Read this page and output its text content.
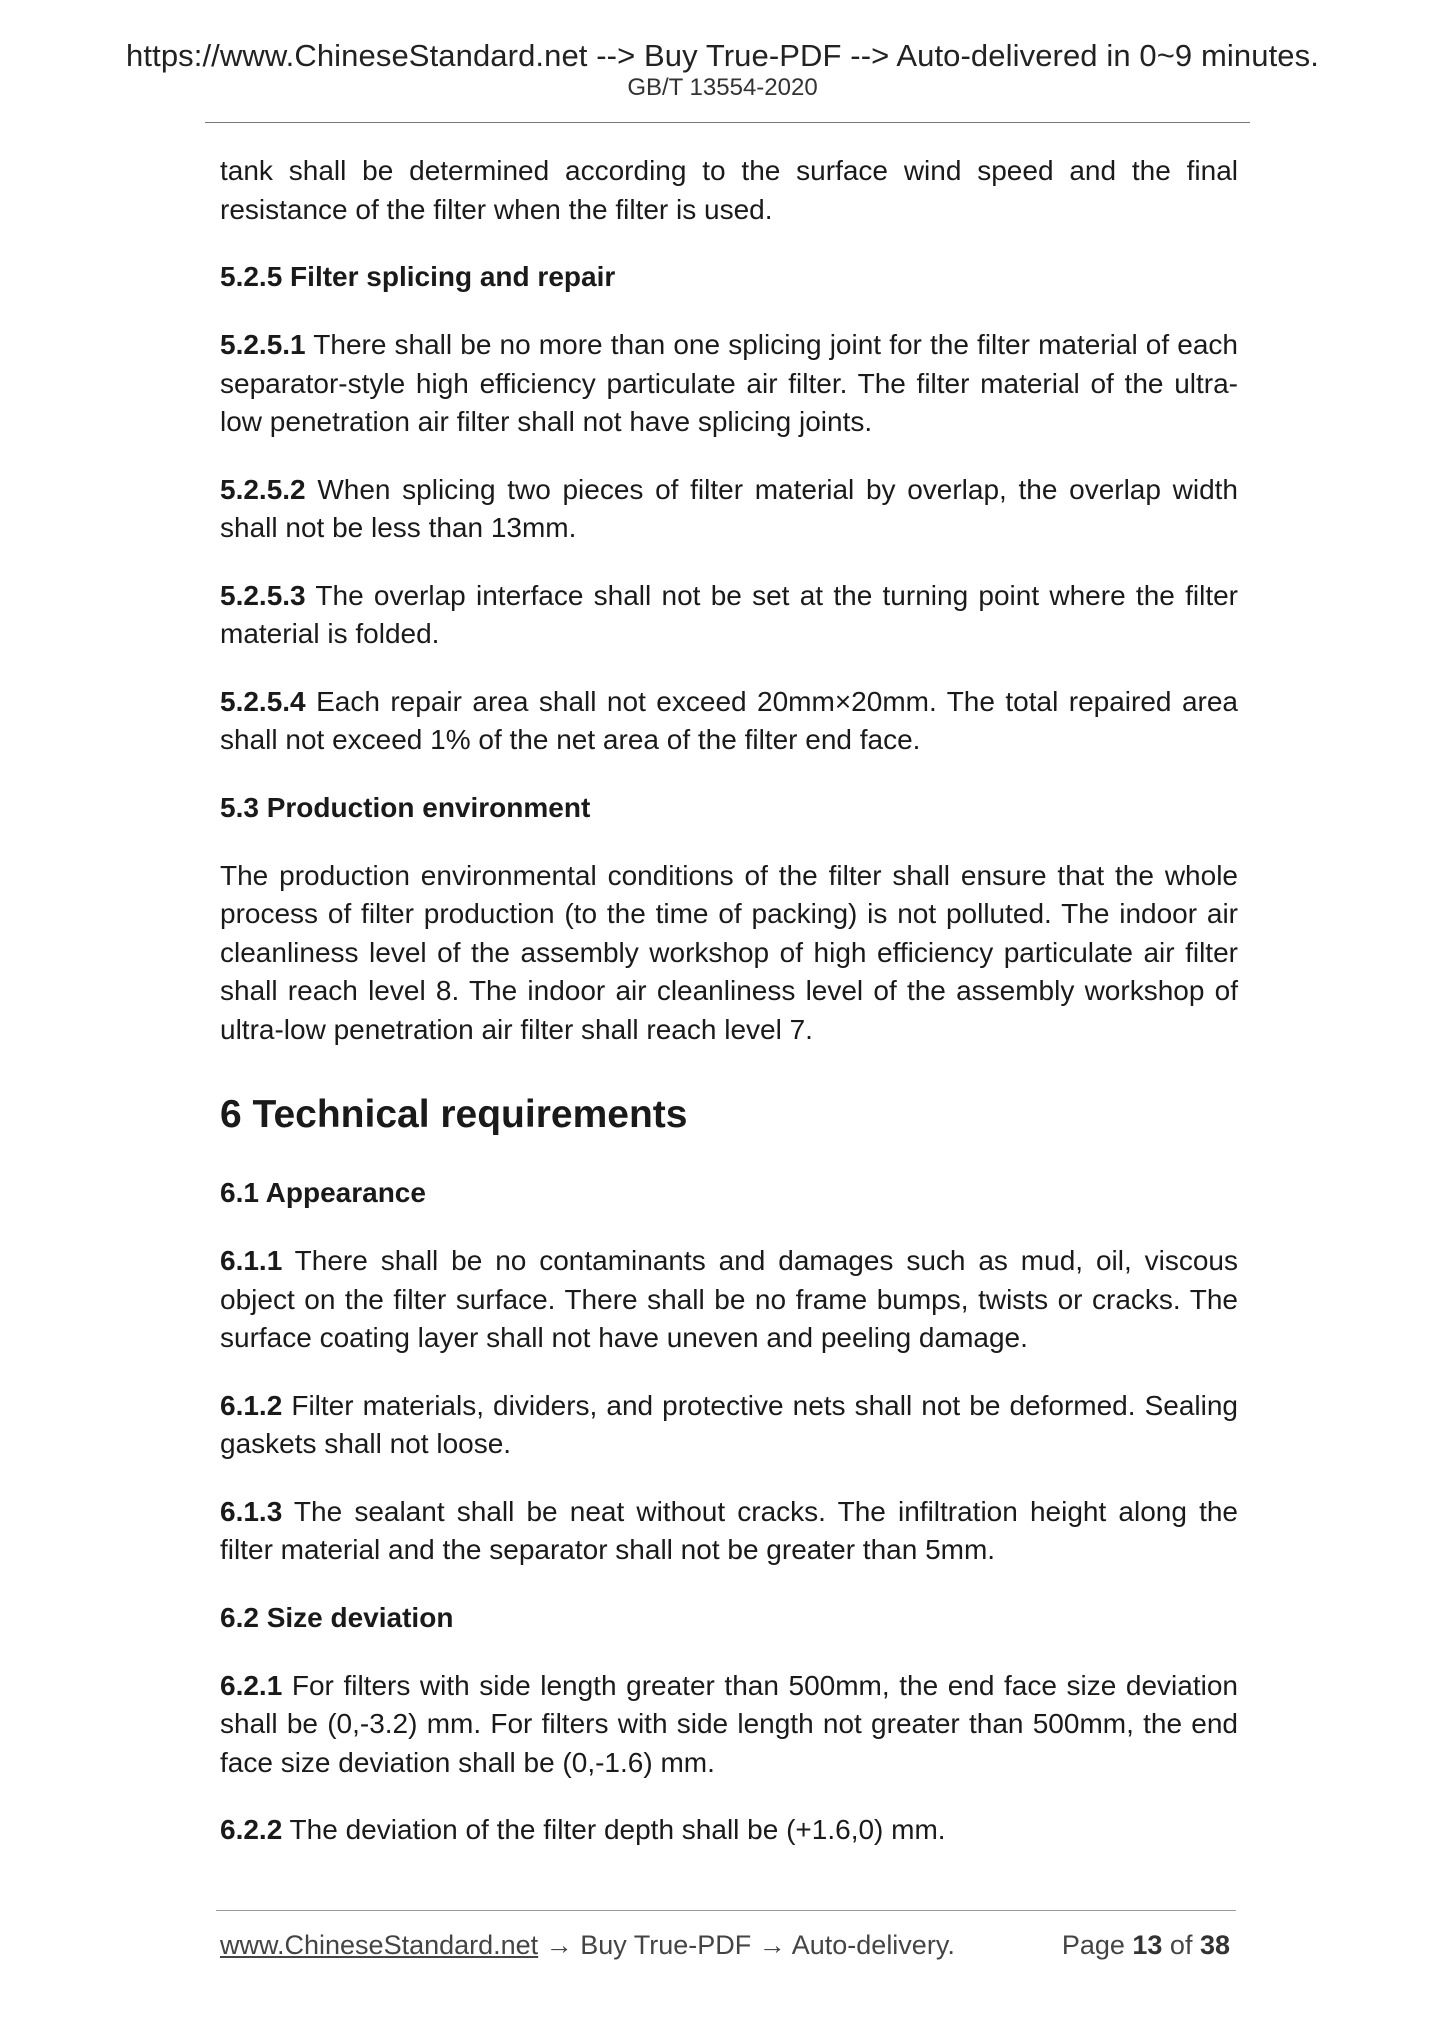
https://www.ChineseStandard.net --> Buy True-PDF --> Auto-delivered in 0~9 minutes.
GB/T 13554-2020

tank shall be determined according to the surface wind speed and the final resistance of the filter when the filter is used.

5.2.5 Filter splicing and repair

5.2.5.1 There shall be no more than one splicing joint for the filter material of each separator-style high efficiency particulate air filter. The filter material of the ultra-low penetration air filter shall not have splicing joints.

5.2.5.2 When splicing two pieces of filter material by overlap, the overlap width shall not be less than 13mm.

5.2.5.3 The overlap interface shall not be set at the turning point where the filter material is folded.

5.2.5.4 Each repair area shall not exceed 20mm×20mm. The total repaired area shall not exceed 1% of the net area of the filter end face.

5.3 Production environment

The production environmental conditions of the filter shall ensure that the whole process of filter production (to the time of packing) is not polluted. The indoor air cleanliness level of the assembly workshop of high efficiency particulate air filter shall reach level 8. The indoor air cleanliness level of the assembly workshop of ultra-low penetration air filter shall reach level 7.

6 Technical requirements
6.1 Appearance

6.1.1 There shall be no contaminants and damages such as mud, oil, viscous object on the filter surface. There shall be no frame bumps, twists or cracks. The surface coating layer shall not have uneven and peeling damage.

6.1.2 Filter materials, dividers, and protective nets shall not be deformed. Sealing gaskets shall not loose.

6.1.3 The sealant shall be neat without cracks. The infiltration height along the filter material and the separator shall not be greater than 5mm.

6.2 Size deviation

6.2.1 For filters with side length greater than 500mm, the end face size deviation shall be (0,-3.2) mm. For filters with side length not greater than 500mm, the end face size deviation shall be (0,-1.6) mm.

6.2.2 The deviation of the filter depth shall be (+1.6,0) mm.

www.ChineseStandard.net → Buy True-PDF → Auto-delivery.	Page 13 of 38
